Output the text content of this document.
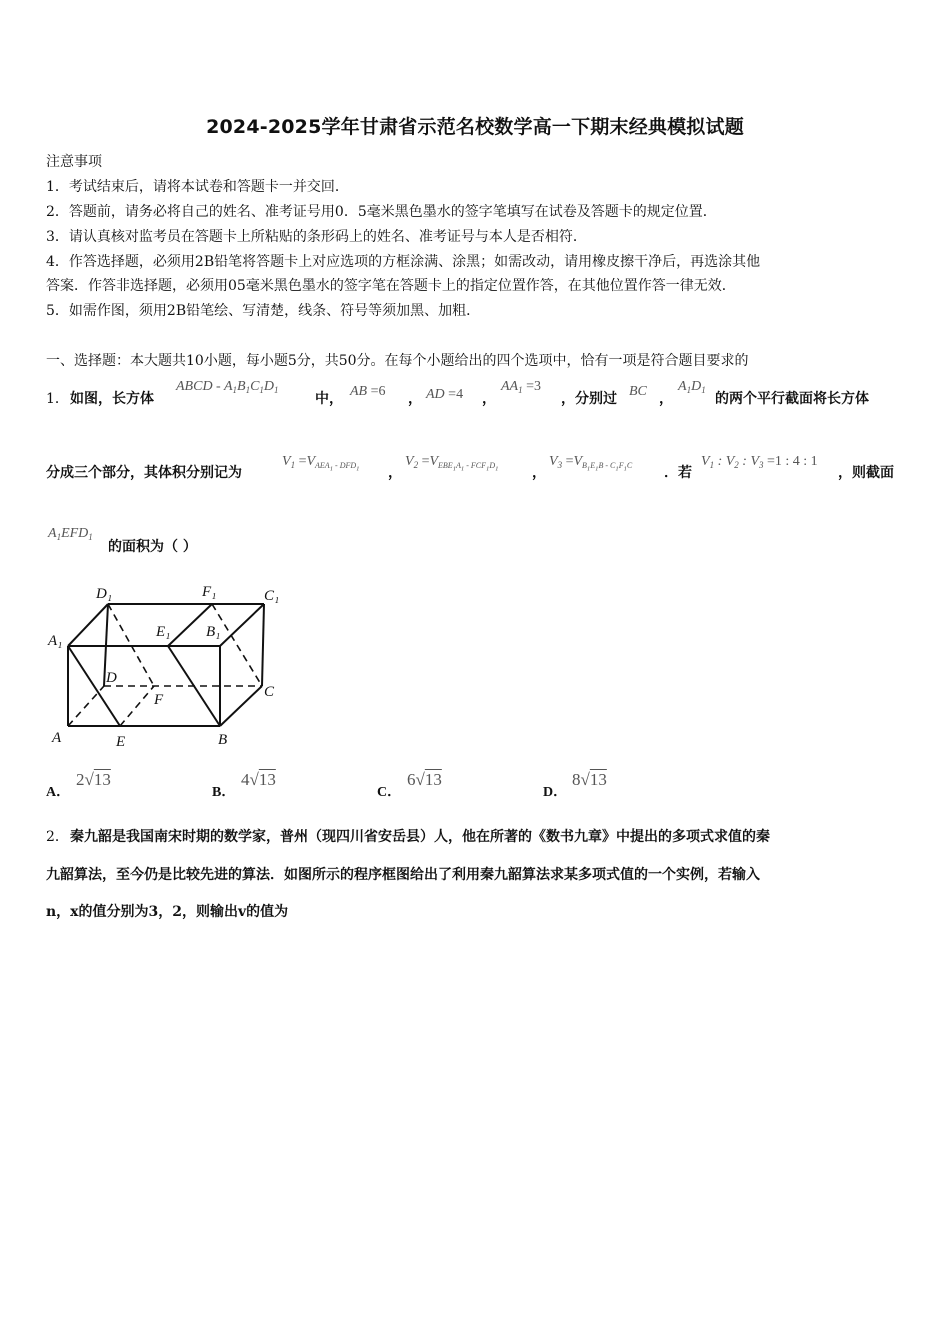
2024-2025学年甘肃省示范名校数学高一下期末经典模拟试题
注意事项
1．考试结束后，请将本试卷和答题卡一并交回．
2．答题前，请务必将自己的姓名、准考证号用0．5毫米黑色墨水的签字笔填写在试卷及答题卡的规定位置．
3．请认真核对监考员在答题卡上所粘贴的条形码上的姓名、准考证号与本人是否相符．
4．作答选择题，必须用2B铅笔将答题卡上对应选项的方框涂满、涂黑；如需改动，请用橡皮擦干净后，再选涂其他
答案．作答非选择题，必须用05毫米黑色墨水的签字笔在答题卡上的指定位置作答，在其他位置作答一律无效．
5．如需作图，须用2B铅笔绘、写清楚，线条、符号等须加黑、加粗．
一、选择题：本大题共10小题，每小题5分，共50分。在每个小题给出的四个选项中，恰有一项是符合题目要求的
1． 如图，长方体
ABCD - $A_1B_1C_1D_1$
中， AB =6 ， AD =4 ，
$AA_1 =3$
，分别过 BC ，
$A_1D_1$
的两个平行截面将长方体
分成三个部分，其体积分别记为
$V_1 =V_{AEA_1 - DFD_1}$ ，
$V_2 =V_{EBE_1A_1 - FCF_1D_1}$ ，
$V_3 =V_{B_1E_1B - C_1F_1C}$ ．若
$V_1$ : $V_2$ : $V_3 =1$ : 4 : 1
，则截面
$A_1EFD_1$
的面积为（ ）
D₁	F₁	C₁
A₁
E₁ B₁
D
C
F
A	E	B
A．
2√13
B．
4√13
C．
6√13
D．
8√13
2． 秦九韶是我国南宋时期的数学家，普州（现四川省安岳县）人，他在所著的《数书九章》中提出的多项式求值的秦
九韶算法，至今仍是比较先进的算法．如图所示的程序框图给出了利用秦九韶算法求某多项式值的一个实例，若输入
n，x的值分别为3，2，则输出v的值为
